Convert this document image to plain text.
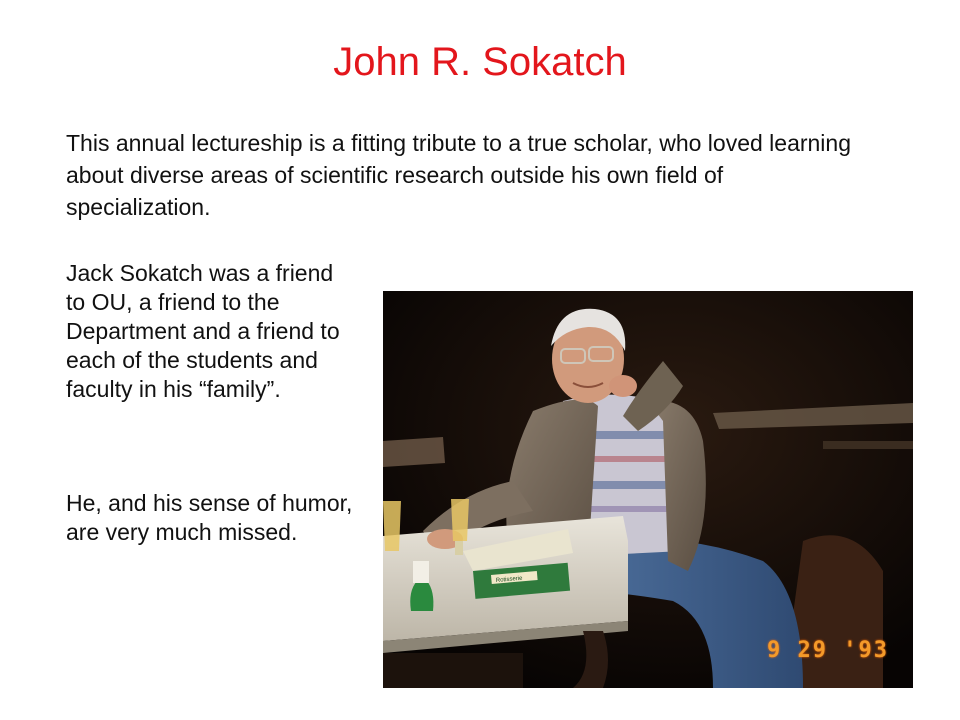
John R. Sokatch

This annual lectureship is a fitting tribute to a true scholar, who loved learning about diverse areas of scientific research outside his own field of specialization.

Jack Sokatch was a friend to OU, a friend to the Department and a friend to each of the students and faculty in his “family”.

He, and his sense of humor, are very much missed.

Rotisserie
9 29 '93
